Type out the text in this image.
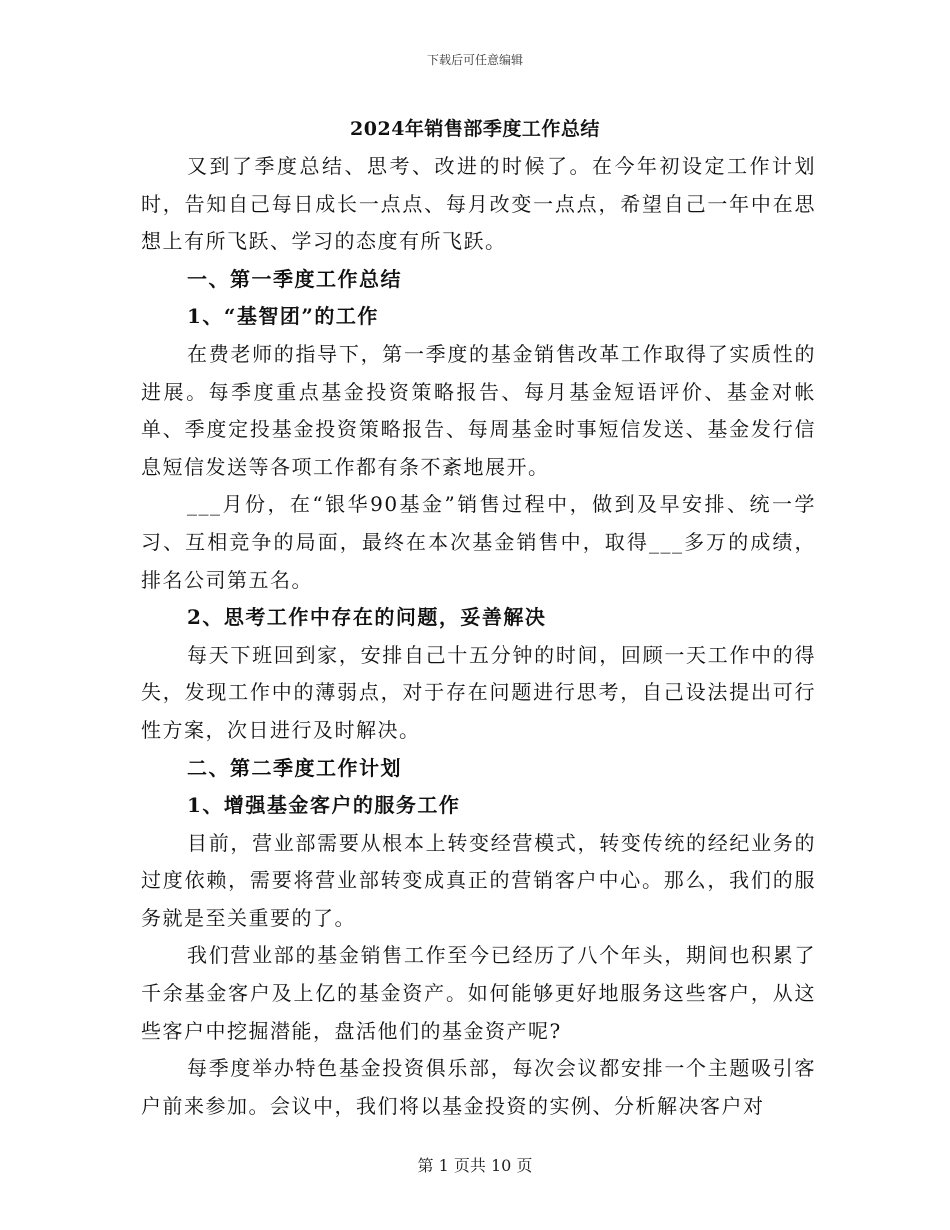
下载后可任意编辑
2024年销售部季度工作总结

又到了季度总结、思考、改进的时候了。在今年初设定工作计划时，告知自己每日成长一点点、每月改变一点点，希望自己一年中在思想上有所飞跃、学习的态度有所飞跃。

一、第一季度工作总结

1、“基智团”的工作

在费老师的指导下，第一季度的基金销售改革工作取得了实质性的进展。每季度重点基金投资策略报告、每月基金短语评价、基金对帐单、季度定投基金投资策略报告、每周基金时事短信发送、基金发行信息短信发送等各项工作都有条不紊地展开。

___月份，在“银华90基金”销售过程中，做到及早安排、统一学习、互相竞争的局面，最终在本次基金销售中，取得___多万的成绩，排名公司第五名。

2、思考工作中存在的问题，妥善解决

每天下班回到家，安排自己十五分钟的时间，回顾一天工作中的得失，发现工作中的薄弱点，对于存在问题进行思考，自己设法提出可行性方案，次日进行及时解决。

二、第二季度工作计划

1、增强基金客户的服务工作

目前，营业部需要从根本上转变经营模式，转变传统的经纪业务的过度依赖，需要将营业部转变成真正的营销客户中心。那么，我们的服务就是至关重要的了。

我们营业部的基金销售工作至今已经历了八个年头，期间也积累了千余基金客户及上亿的基金资产。如何能够更好地服务这些客户，从这些客户中挖掘潜能，盘活他们的基金资产呢?

每季度举办特色基金投资俱乐部，每次会议都安排一个主题吸引客户前来参加。会议中，我们将以基金投资的实例、分析解决客户对

第 1 页共 10 页
